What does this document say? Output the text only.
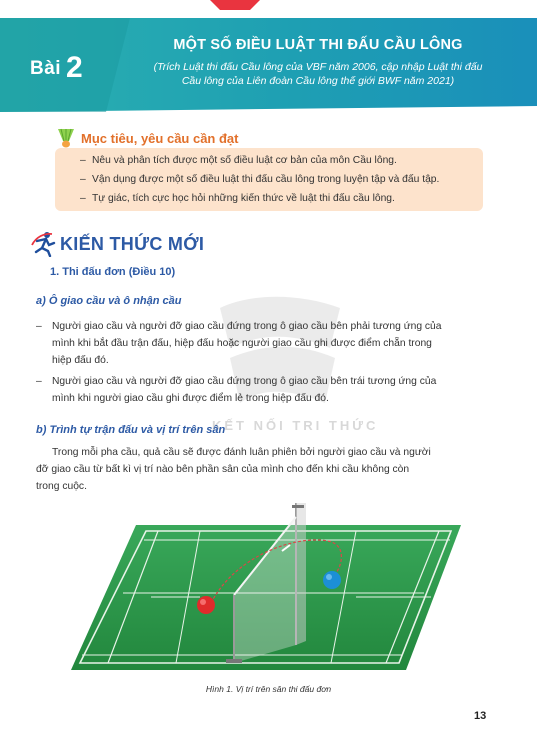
Bài 2
MỘT SỐ ĐIỀU LUẬT THI ĐẤU CẦU LÔNG
(Trích Luật thi đấu Cầu lông của VBF năm 2006, cập nhập Luật thi đấu
Cầu lông của Liên đoàn Cầu lông thế giới BWF năm 2021)
Mục tiêu, yêu cầu cần đạt
– Nêu và phân tích được một số điều luật cơ bản của môn Cầu lông.
– Vận dụng được một số điều luật thi đấu cầu lông trong luyện tập và đấu tập.
– Tự giác, tích cực học hỏi những kiến thức về luật thi đấu cầu lông.
KIẾN THỨC MỚI
1. Thi đấu đơn (Điều 10)
a) Ô giao cầu và ô nhận cầu
– Người giao cầu và người đỡ giao cầu đứng trong ô giao cầu bên phải tương ứng của
mình khi bắt đầu trận đấu, hiệp đấu hoặc người giao cầu ghi được điểm chẵn trong
hiệp đấu đó.
– Người giao cầu và người đỡ giao cầu đứng trong ô giao cầu bên trái tương ứng của
mình khi người giao cầu ghi được điểm lẻ trong hiệp đấu đó.
KẾT NỐI TRI THỨC
b) Trình tự trận đấu và vị trí trên sân
Trong mỗi pha cầu, quả cầu sẽ được đánh luân phiên bởi người giao cầu và người
đỡ giao cầu từ bất kì vị trí nào bên phần sân của mình cho đến khi cầu không còn
trong cuộc.
Hình 1. Vị trí trên sân thi đấu đơn
13
